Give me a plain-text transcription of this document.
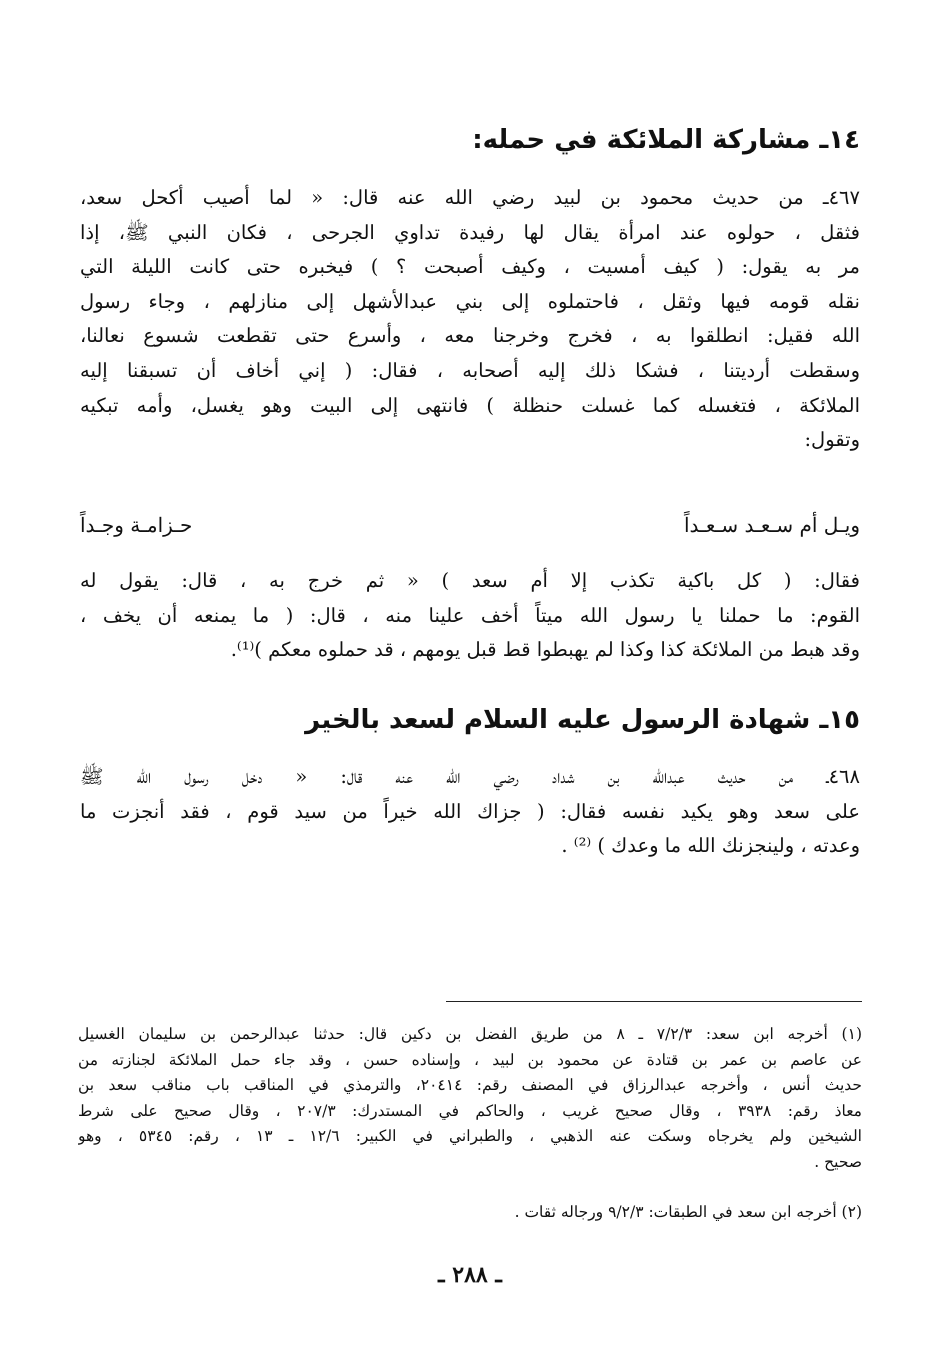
١٤ـ مشاركة الملائكة في حمله:
٤٦٧ـ من حديث محمود بن لبيد رضي الله عنه قال: « لما أصيب أكحل سعد،
فثقل ، حولوه عند امرأة يقال لها رفيدة تداوي الجرحى ، فكان النبي ﷺ، إذا
مر به يقول: ( كيف أمسيت ، وكيف أصبحت ؟ ) فيخبره حتى كانت الليلة التي
نقله قومه فيها وثقل ، فاحتملوه إلى بني عبدالأشهل إلى منازلهم ، وجاء رسول
الله فقيل: انطلقوا به ، فخرج وخرجنا معه ، وأسرع حتى تقطعت شسوع نعالنا،
وسقطت أرديتنا ، فشكا ذلك إليه أصحابه ، فقال: ( إني أخاف أن تسبقنا إليه
الملائكة ، فتغسله كما غسلت حنظلة ) فانتهى إلى البيت وهو يغسل، وأمه تبكيه
وتقول:
ويـل أم سـعـد سـعـداً
حـزامـة وجـداً
فقال: ( كل باكية تكذب إلا أم سعد ) « ثم خرج به ، قال: يقول له
القوم: ما حملنا يا رسول الله ميتاً أخف علينا منه ، قال: ( ما يمنعه أن يخف ،
وقد هبط من الملائكة كذا وكذا لم يهبطوا قط قبل يومهم ، قد حملوه معكم )⁽¹⁾.
١٥ـ شهادة الرسول عليه السلام لسعد بالخير
٤٦٨ـ من حديث عبدالله بن شداد رضي الله عنه قال: « دخل رسول الله ﷺ
على سعد وهو يكيد نفسه فقال: ( جزاك الله خيراً من سيد قوم ، فقد أنجزت ما
وعدته ، ولينجزنك الله ما وعدك ) ⁽²⁾ .
(١) أخرجه ابن سعد: ٧/٢/٣ ـ ٨ من طريق الفضل بن دكين قال: حدثنا عبدالرحمن بن سليمان الغسيل
عن عاصم بن عمر بن قتادة عن محمود بن لبيد ، وإسناده حسن ، وقد جاء حمل الملائكة لجنازته من
حديث أنس ، وأخرجه عبدالرزاق في المصنف رقم: ٢٠٤١٤، والترمذي في المناقب باب مناقب سعد بن
معاذ رقم: ٣٩٣٨ ، وقال صحيح غريب ، والحاكم في المستدرك: ٢٠٧/٣ ، وقال صحيح على شرط
الشيخين ولم يخرجاه وسكت عنه الذهبي ، والطبراني في الكبير: ١٢/٦ ـ ١٣ ، رقم: ٥٣٤٥ ، وهو
صحيح .
(٢) أخرجه ابن سعد في الطبقات: ٩/٢/٣ ورجاله ثقات .
ـ ٢٨٨ ـ
